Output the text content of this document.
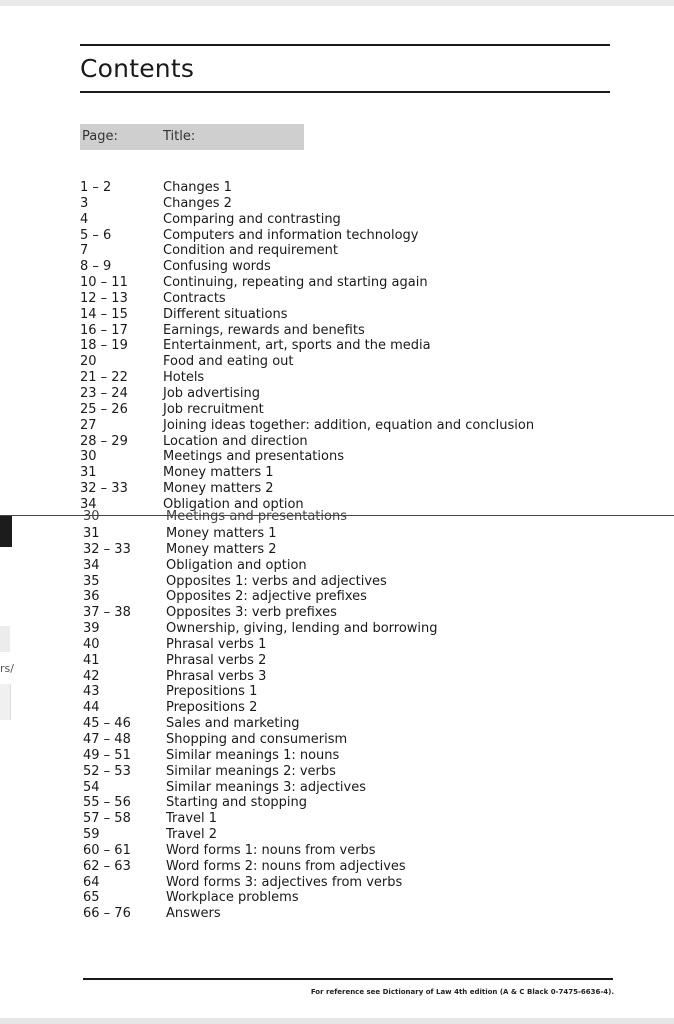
Contents
Page:	Title:
1 – 2	Changes 1
3	Changes 2
4	Comparing and contrasting
5 – 6	Computers and information technology
7	Condition and requirement
8 – 9	Confusing words
10 – 11	Continuing, repeating and starting again
12 – 13	Contracts
14 – 15	Different situations
16 – 17	Earnings, rewards and benefits
18 – 19	Entertainment, art, sports and the media
20	Food and eating out
21 – 22	Hotels
23 – 24	Job advertising
25 – 26	Job recruitment
27	Joining ideas together: addition, equation and conclusion
28 – 29	Location and direction
30	Meetings and presentations
31	Money matters 1
32 – 33	Money matters 2
34	Obligation and option
30	Meetings and presentations
31	Money matters 1
32 – 33	Money matters 2
34	Obligation and option
35	Opposites 1: verbs and adjectives
36	Opposites 2: adjective prefixes
37 – 38	Opposites 3: verb prefixes
39	Ownership, giving, lending and borrowing
40	Phrasal verbs 1
41	Phrasal verbs 2
42	Phrasal verbs 3
43	Prepositions 1
44	Prepositions 2
45 – 46	Sales and marketing
47 – 48	Shopping and consumerism
49 – 51	Similar meanings 1: nouns
52 – 53	Similar meanings 2: verbs
54	Similar meanings 3: adjectives
55 – 56	Starting and stopping
57 – 58	Travel 1
59	Travel 2
60 – 61	Word forms 1: nouns from verbs
62 – 63	Word forms 2: nouns from adjectives
64	Word forms 3: adjectives from verbs
65	Workplace problems
66 – 76	Answers
rs/
For reference see Dictionary of Law 4th edition (A & C Black 0-7475-6636-4).
